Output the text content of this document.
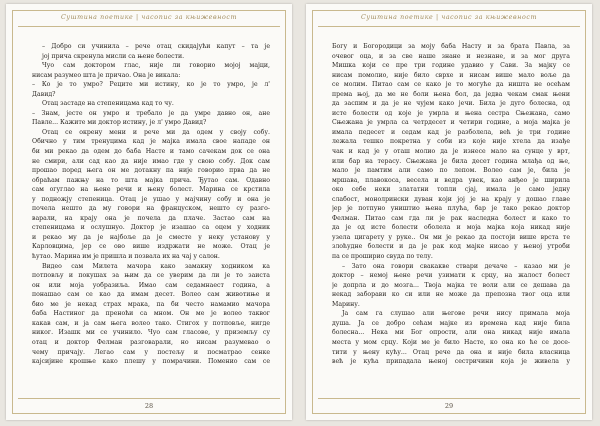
Суштина поетике | часопис за књижевност
– Добро си учинила – рече отац скидајући капут – та је
јој прича скренула мисли са њене болести.
Чуо сам доктором глас, није ли говорио мојој мајци,
нисам разумео шта је причао. Она је викала:
– Ко је то умро? Реците ми истину, ко је то умро, је л'
Давид?
Отац застаде на степеницама кад то чу.
– Знам, јесте он умро и требало је да умре давно он, ане
Павле... Кажите ми доктор истину, је л' умро Давид?
Отац се окрену мени и рече ми да одем у своју собу.
Обично у тим тренуцима кад је мајка имала свое нападе он
би ми рекао да одем до баба Насте и тамо сачекам док се она
не смири, али сад као да није имао где у свою собу. Док сам
прошао поред њега он ме дотакну па није говорио прва да не
обраћам пажњу на то шта мајка прича. Ђутао сам. Одавно
сам огуглао на њене речи и њену болест. Марина се крстила
у подножју степеница. Отац је ушао у мајчину собу и она је
почела нешто да му говори на француском, нешто су разго-
варали, на крају она је почела да плаче. Застао сам на
степеницама и ослушнуо. Доктор је изашао са оцем у ходник
и рекао му да је најбоље да је сместе у неку установу у
Карловцима, јер се ово више издржати не може. Отац је
ћутао. Марина им је пришла и позвала их на чај у салон.
Видео сам Милета мачора како замакну ходником ка
потповљу и покушах за њим да се уверим да ли је то заиста
он или моја уобразиља. Имао сам седамнаест година, а
понашао сам се као да имам десет. Волео сам животиње и
био ме је некад страх мрака, па би често намамио мачора
баба Настиног да преноћи са мном. Он ме је волео таквог
какав сам, и ја сам њега волео тако. Стигох у потповље, нигде
никог. Изашк ми се учинило. Чуо сам гласове, у приземљу су
отац и доктор Фелман разговарали, но нисам разумевао о
чему причају. Легао сам у постељу и посматрао сенке
кајсијине крошње како плешу у помрачини. Поменио сам се
28
Суштина поетике | часопис за књижевност
Богу и Богородици за моју баба Насту и за брата Павла, за
очевог оца, и за све наше знане и незнане, и за мог друга
Мишка који се пре три године удавио у Сави. За мајку се
нисам помолио, није било сврхе и нисам више мало воље да
се молим. Питао сам се како је то могуће да ништа не осећам
према њој, да ме не боли њена бол, да једва чекам смак њени
да заспим и да је не чујем како јечи. Била је дуго болесна, од
исте болести од које је умрла и њена сестра Сњежана, само
Сњежана је умрла са четрдесет и четири године, а моја мајка је
имала педесет и седам кад је разболела, већ је три године
лежала тешко покретна у соби из које није хтела да изађе
чак и кад је у оташ молио да је изнесе мало на сунце у врт,
или бар на терасу. Сњежана је била десет година млађа од ње,
мало је памтим али само по лепом. Волео сам је, била је
мршава, плавокоса, весела и ведра увек, као анђео је ширила
око себе неки злататни топли сјај, имала је само једну
слабост, монолрински дуван који јој је на крају у дошао главе
јер је потпуно уништио њена плућа, бар је тако рекао доктор
Фелман. Питао сам гда ли је рак наследна болест и како то
да је од исте болести оболела и моја мајка која никад није
узела цигарету у руке.. Он ми је рекао да постоји више врста те
злоћудне болести и да је рак код мајке нисао у њеној утроби
па се проширио свуда по телу.
– Зато она говори свакакве ствари дечаче – казао ми је
доктор – немој њене речи узимати к срцу, на жалост болест
је допрла и до мозга... Твоја мајка те воли али се дешава да
некад заборави ко си или не може да препозна твог оца или
Марину.
Ја сам га слушао али његове речи нису примала моја
душа. Ја се добро сећам мајке из времена кад није била
болесна... Нека ми Бог опрости, али она никад није имала
места у мом срцу. Који ме је било Насте, ко она ко ће се досе-
тити у њену кућу... Отац рече да она и није била власница
већ је кућа припадала њеној сестричини која је живела у
29
